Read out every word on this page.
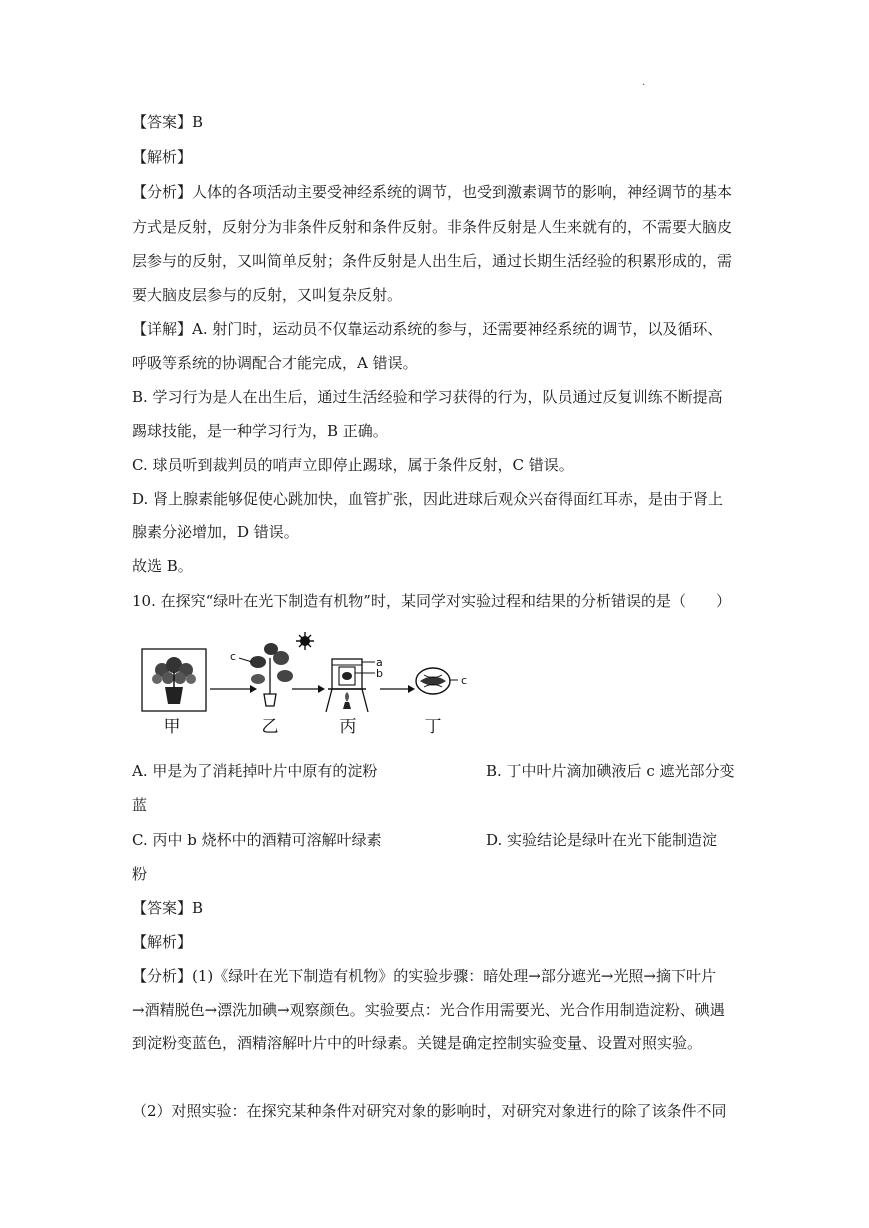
·
【答案】B
【解析】
【分析】人体的各项活动主要受神经系统的调节，也受到激素调节的影响，神经调节的基本
方式是反射，反射分为非条件反射和条件反射。非条件反射是人生来就有的，不需要大脑皮
层参与的反射，又叫简单反射；条件反射是人出生后，通过长期生活经验的积累形成的，需
要大脑皮层参与的反射，又叫复杂反射。
【详解】A. 射门时，运动员不仅靠运动系统的参与，还需要神经系统的调节，以及循环、
呼吸等系统的协调配合才能完成，A 错误。
B. 学习行为是人在出生后，通过生活经验和学习获得的行为，队员通过反复训练不断提高
踢球技能，是一种学习行为，B 正确。
C. 球员听到裁判员的哨声立即停止踢球，属于条件反射，C 错误。
D. 肾上腺素能够促使心跳加快，血管扩张，因此进球后观众兴奋得面红耳赤，是由于肾上
腺素分泌增加，D 错误。
故选 B。
10. 在探究“绿叶在光下制造有机物”时，某同学对实验过程和结果的分析错误的是（　　）
c	a
b
c
甲	乙	丙	丁
A. 甲是为了消耗掉叶片中原有的淀粉	B. 丁中叶片滴加碘液后 c 遮光部分变
蓝
C. 丙中 b 烧杯中的酒精可溶解叶绿素	D. 实验结论是绿叶在光下能制造淀
粉
【答案】B
【解析】
【分析】(1)《绿叶在光下制造有机物》的实验步骤：暗处理→部分遮光→光照→摘下叶片
→酒精脱色→漂洗加碘→观察颜色。实验要点：光合作用需要光、光合作用制造淀粉、碘遇
到淀粉变蓝色，酒精溶解叶片中的叶绿素。关键是确定控制实验变量、设置对照实验。
（2）对照实验：在探究某种条件对研究对象的影响时，对研究对象进行的除了该条件不同
